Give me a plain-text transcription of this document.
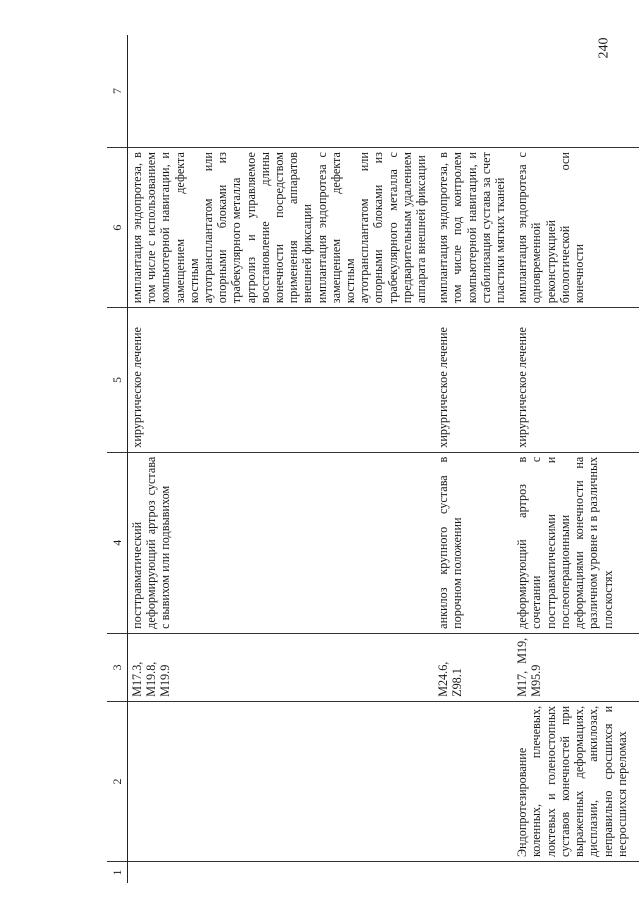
240
1	2	3	4	5	6	7
		M17.3, M19.8, M19.9	посттравматический деформирующий артроз сустава с вывихом или подвывихом	хирургическое лечение	имплантация эндопротеза, в том числе с использованием компьютерной навигации, и замещением дефекта костным аутотрансплантатом или опорными блоками из трабекулярного металла артролиз и управляемое восстановление длины конечности посредством применения аппаратов внешней фиксации имплантация эндопротеза с замещением дефекта костным аутотрансплантатом или опорными блоками из трабекулярного металла с предварительным удалением аппарата внешней фиксации	

		M24.6, Z98.1	анкилоз крупного сустава в порочном положении	хирургическое лечение	имплантация эндопротеза, в том числе под контролем компьютерной навигации, и стабилизация сустава за счет пластики мягких тканей	

	Эндопротезирование коленных, плечевых, локтевых и голеностопных суставов конечностей при выраженных деформациях, дисплазии, анкилозах, неправильно сросшихся и несросшихся переломах	M17, M19, M95.9	деформирующий артроз в сочетании с посттравматическими и послеоперационными деформациями конечности на различном уровне и в различных плоскостях	хирургическое лечение	имплантация эндопротеза с одновременной реконструкцией биологической оси конечности	
